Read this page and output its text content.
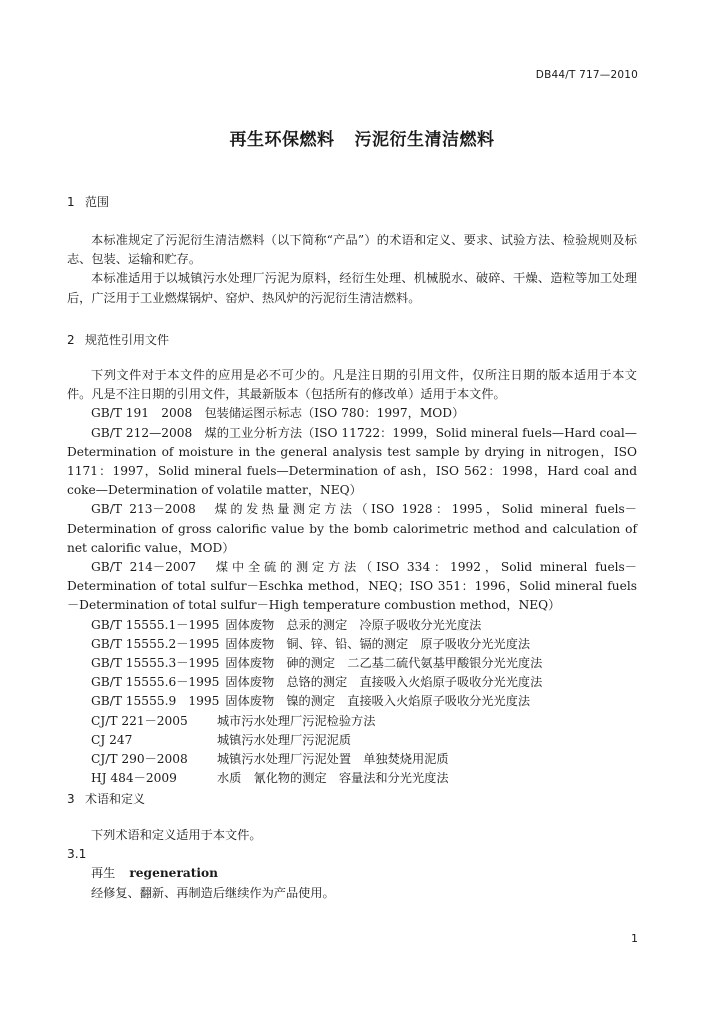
DB44/T 717—2010
再生环保燃料 污泥衍生清洁燃料
1 范围

本标准规定了污泥衍生清洁燃料（以下简称“产品”）的术语和定义、要求、试验方法、检验规则及标志、包装、运输和贮存。

本标准适用于以城镇污水处理厂污泥为原料，经衍生处理、机械脱水、破碎、干燥、造粒等加工处理后，广泛用于工业燃煤锅炉、窑炉、热风炉的污泥衍生清洁燃料。

2 规范性引用文件

下列文件对于本文件的应用是必不可少的。凡是注日期的引用文件，仅所注日期的版本适用于本文件。凡是不注日期的引用文件，其最新版本（包括所有的修改单）适用于本文件。

GB/T 191　2008　包装储运图示标志（ISO 780：1997，MOD）

GB/T 212—2008　煤的工业分析方法（ISO 11722：1999，Solid mineral fuels—Hard coal—Determination of moisture in the general analysis test sample by drying in nitrogen，ISO 1171：1997，Solid mineral fuels—Determination of ash，ISO 562：1998，Hard coal and coke—Determination of volatile matter，NEQ）

GB/T 213－2008　煤的发热量测定方法（ISO 1928：1995，Solid mineral fuels－Determination of gross calorific value by the bomb calorimetric method and calculation of net calorific value，MOD）

GB/T 214－2007　煤中全硫的测定方法（ISO 334：1992，Solid mineral fuels－Determination of total sulfur－Eschka method，NEQ；ISO 351：1996，Solid mineral fuels－Determination of total sulfur－High temperature combustion method，NEQ）

GB/T 15555.1－1995 固体废物　总汞的测定　冷原子吸收分光光度法

GB/T 15555.2－1995 固体废物　铜、锌、铅、镉的测定　原子吸收分光光度法

GB/T 15555.3－1995 固体废物　砷的测定　二乙基二硫代氨基甲酸银分光光度法

GB/T 15555.6－1995 固体废物　总铬的测定　直接吸入火焰原子吸收分光光度法

GB/T 15555.9　1995 固体废物　镍的测定　直接吸入火焰原子吸收分光光度法

CJ/T 221－2005 城市污水处理厂污泥检验方法

CJ 247	城镇污水处理厂污泥泥质

CJ/T 290－2008 城镇污水处理厂污泥处置　单独焚烧用泥质

HJ 484－2009	水质　氰化物的测定　容量法和分光光度法

3 术语和定义

下列术语和定义适用于本文件。

3.1

再生 regeneration

经修复、翻新、再制造后继续作为产品使用。

1
